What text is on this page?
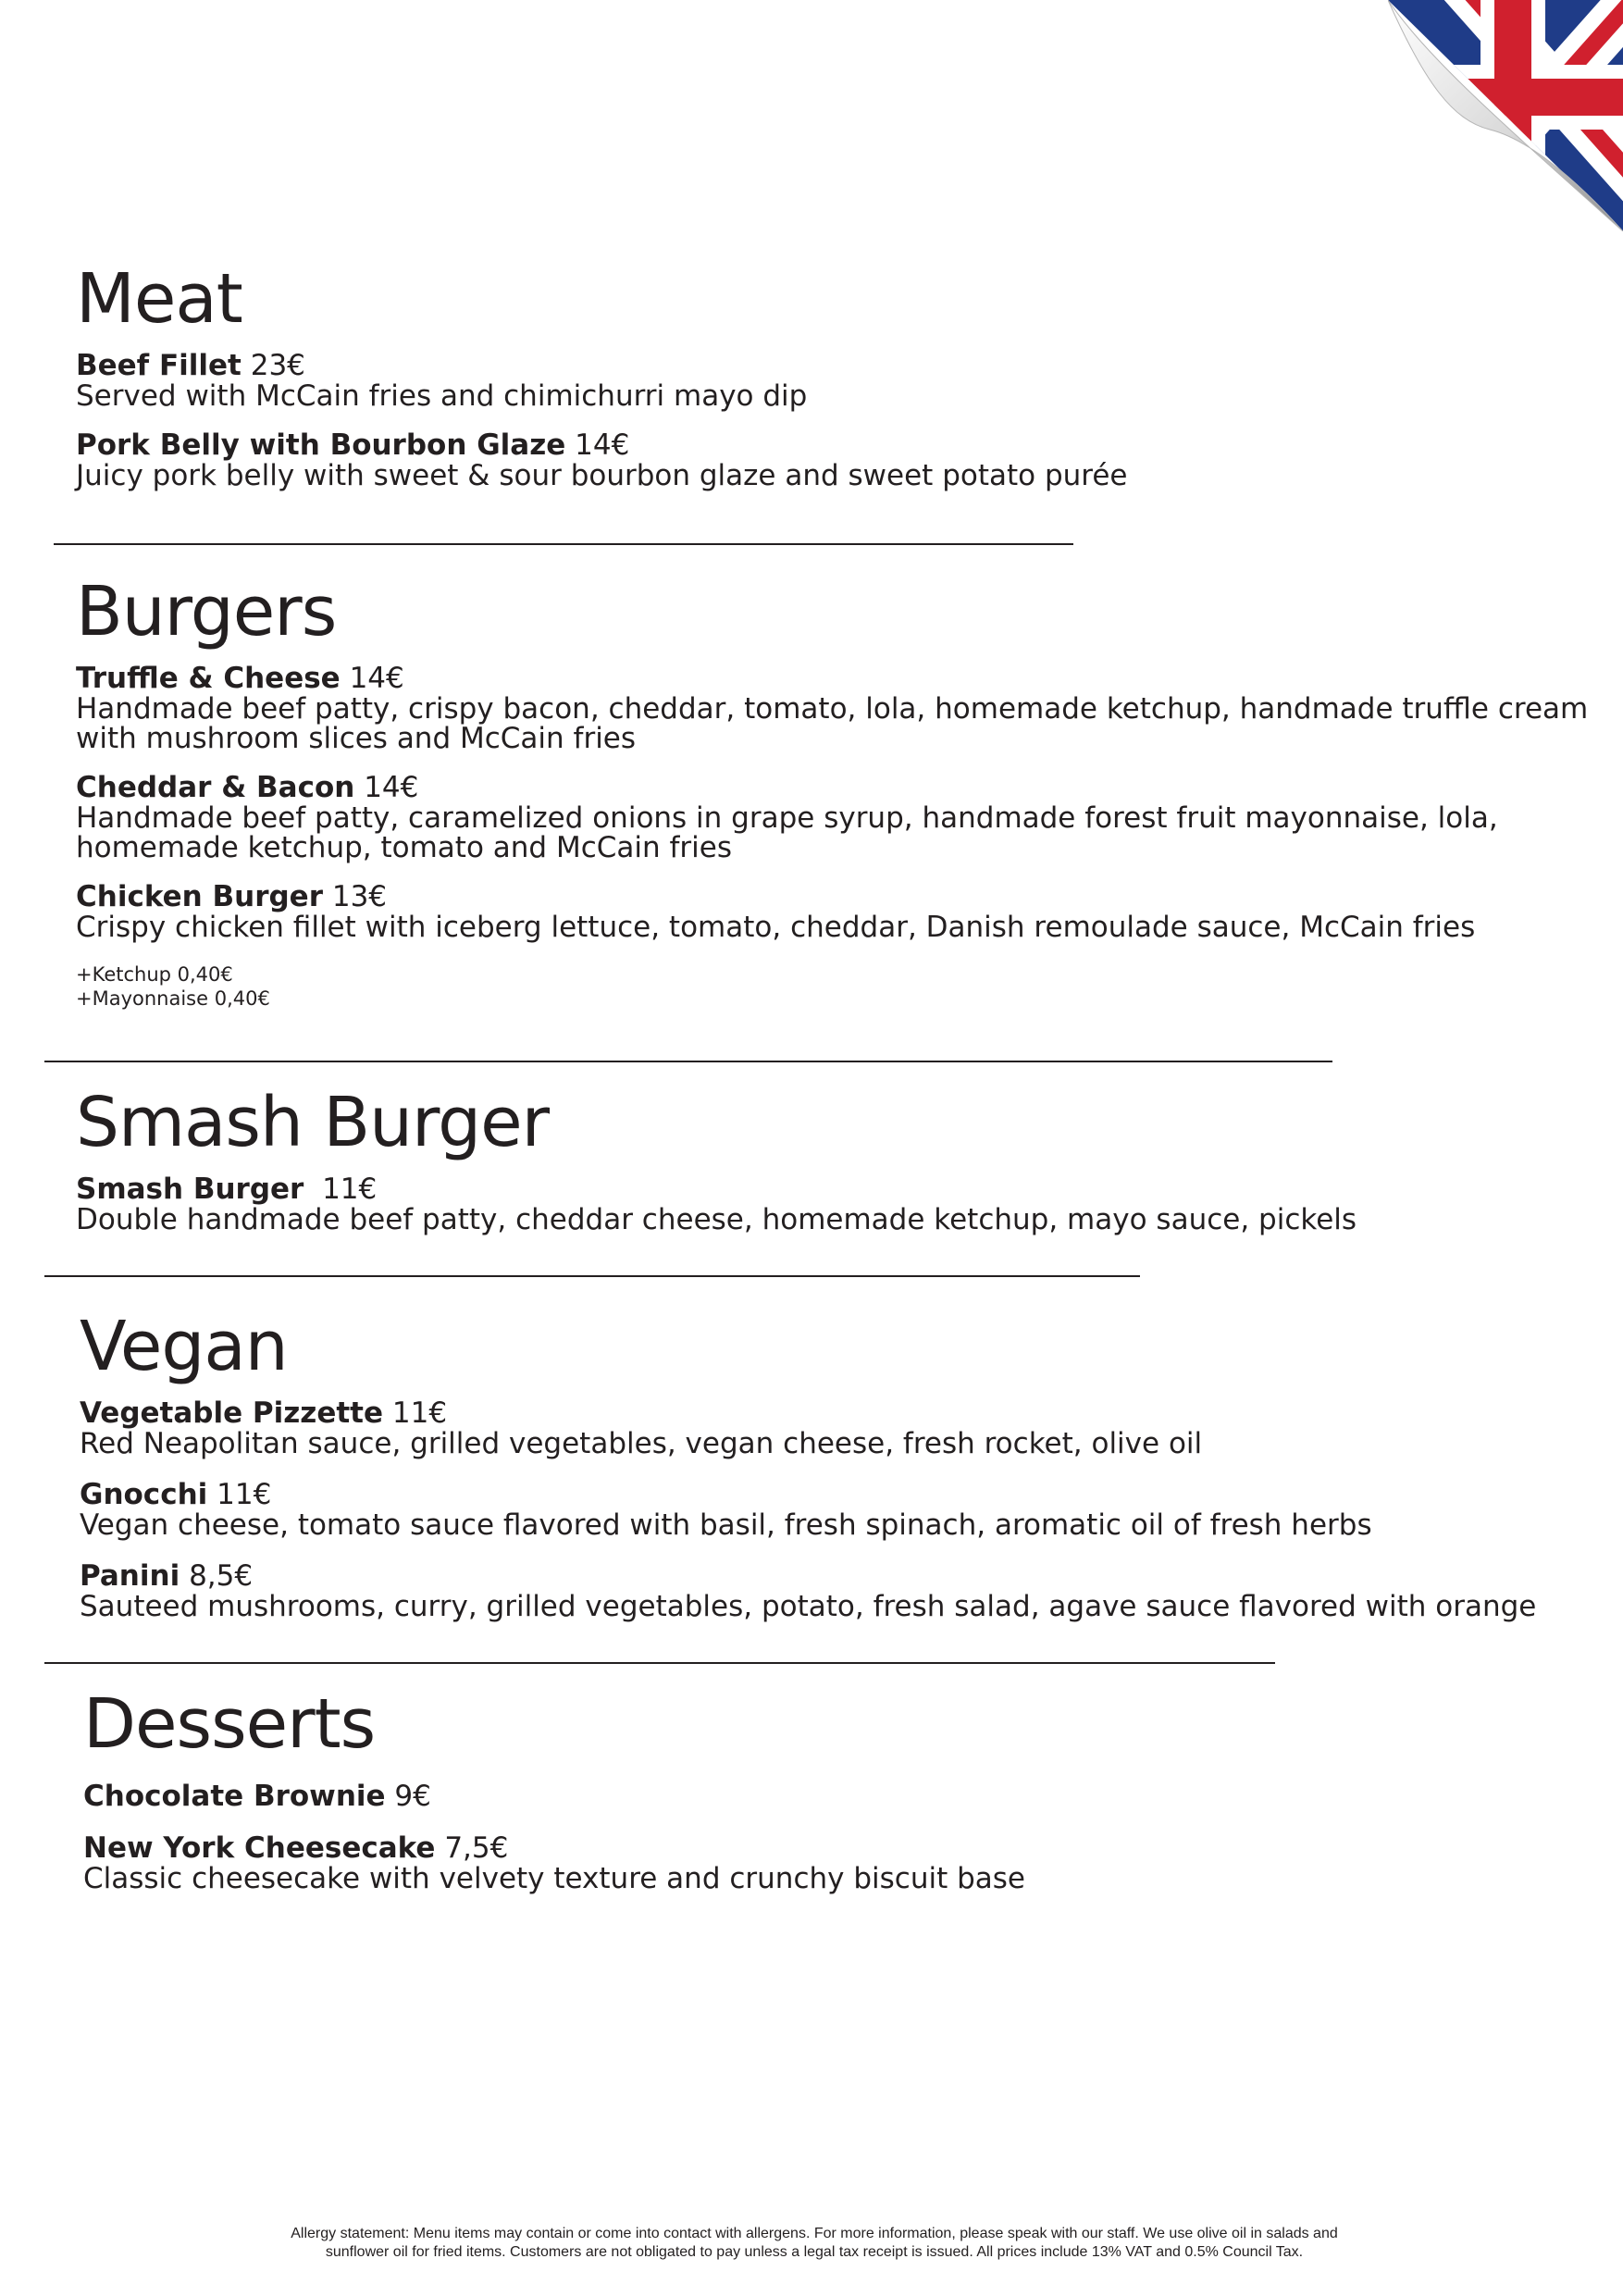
Meat
Beef Fillet 23€
Served with McCain fries and chimichurri mayo dip
Pork Belly with Bourbon Glaze 14€
Juicy pork belly with sweet & sour bourbon glaze and sweet potato purée
Burgers
Truffle & Cheese 14€
Handmade beef patty, crispy bacon, cheddar, tomato, lola, homemade ketchup, handmade truffle cream
with mushroom slices and McCain fries
Cheddar & Bacon 14€
Handmade beef patty, caramelized onions in grape syrup, handmade forest fruit mayonnaise, lola,
homemade ketchup, tomato and McCain fries
Chicken Burger 13€
Crispy chicken fillet with iceberg lettuce, tomato, cheddar, Danish remoulade sauce, McCain fries
+Ketchup 0,40€
+Mayonnaise 0,40€
Smash Burger
Smash Burger 11€
Double handmade beef patty, cheddar cheese, homemade ketchup, mayo sauce, pickels
Vegan
Vegetable Pizzette 11€
Red Neapolitan sauce, grilled vegetables, vegan cheese, fresh rocket, olive oil
Gnocchi 11€
Vegan cheese, tomato sauce flavored with basil, fresh spinach, aromatic oil of fresh herbs
Panini 8,5€
Sauteed mushrooms, curry, grilled vegetables, potato, fresh salad, agave sauce flavored with orange
Desserts
Chocolate Brownie 9€
New York Cheesecake 7,5€
Classic cheesecake with velvety texture and crunchy biscuit base
Allergy statement: Menu items may contain or come into contact with allergens. For more information, please speak with our staff. We use olive oil in salads and
sunflower oil for fried items. Customers are not obligated to pay unless a legal tax receipt is issued. All prices include 13% VAT and 0.5% Council Tax.
